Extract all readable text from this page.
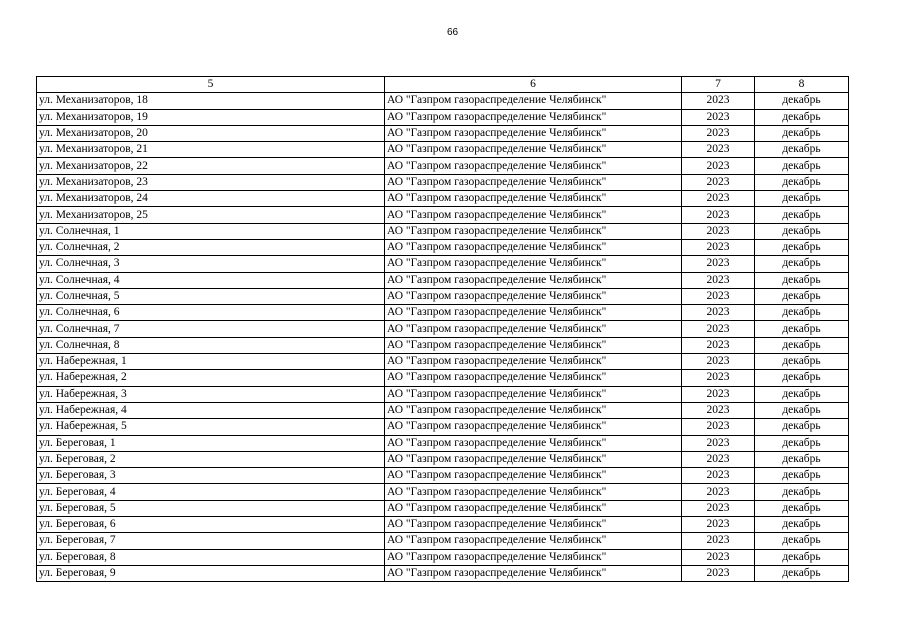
66
5	6	7	8
ул. Механизаторов, 18	АО "Газпром газораспределение Челябинск"	2023	декабрь
ул. Механизаторов, 19	АО "Газпром газораспределение Челябинск"	2023	декабрь
ул. Механизаторов, 20	АО "Газпром газораспределение Челябинск"	2023	декабрь
ул. Механизаторов, 21	АО "Газпром газораспределение Челябинск"	2023	декабрь
ул. Механизаторов, 22	АО "Газпром газораспределение Челябинск"	2023	декабрь
ул. Механизаторов, 23	АО "Газпром газораспределение Челябинск"	2023	декабрь
ул. Механизаторов, 24	АО "Газпром газораспределение Челябинск"	2023	декабрь
ул. Механизаторов, 25	АО "Газпром газораспределение Челябинск"	2023	декабрь
ул. Солнечная, 1	АО "Газпром газораспределение Челябинск"	2023	декабрь
ул. Солнечная, 2	АО "Газпром газораспределение Челябинск"	2023	декабрь
ул. Солнечная, 3	АО "Газпром газораспределение Челябинск"	2023	декабрь
ул. Солнечная, 4	АО "Газпром газораспределение Челябинск"	2023	декабрь
ул. Солнечная, 5	АО "Газпром газораспределение Челябинск"	2023	декабрь
ул. Солнечная, 6	АО "Газпром газораспределение Челябинск"	2023	декабрь
ул. Солнечная, 7	АО "Газпром газораспределение Челябинск"	2023	декабрь
ул. Солнечная, 8	АО "Газпром газораспределение Челябинск"	2023	декабрь
ул. Набережная, 1	АО "Газпром газораспределение Челябинск"	2023	декабрь
ул. Набережная, 2	АО "Газпром газораспределение Челябинск"	2023	декабрь
ул. Набережная, 3	АО "Газпром газораспределение Челябинск"	2023	декабрь
ул. Набережная, 4	АО "Газпром газораспределение Челябинск"	2023	декабрь
ул. Набережная, 5	АО "Газпром газораспределение Челябинск"	2023	декабрь
ул. Береговая, 1	АО "Газпром газораспределение Челябинск"	2023	декабрь
ул. Береговая, 2	АО "Газпром газораспределение Челябинск"	2023	декабрь
ул. Береговая, 3	АО "Газпром газораспределение Челябинск"	2023	декабрь
ул. Береговая, 4	АО "Газпром газораспределение Челябинск"	2023	декабрь
ул. Береговая, 5	АО "Газпром газораспределение Челябинск"	2023	декабрь
ул. Береговая, 6	АО "Газпром газораспределение Челябинск"	2023	декабрь
ул. Береговая, 7	АО "Газпром газораспределение Челябинск"	2023	декабрь
ул. Береговая, 8	АО "Газпром газораспределение Челябинск"	2023	декабрь
ул. Береговая, 9	АО "Газпром газораспределение Челябинск"	2023	декабрь
